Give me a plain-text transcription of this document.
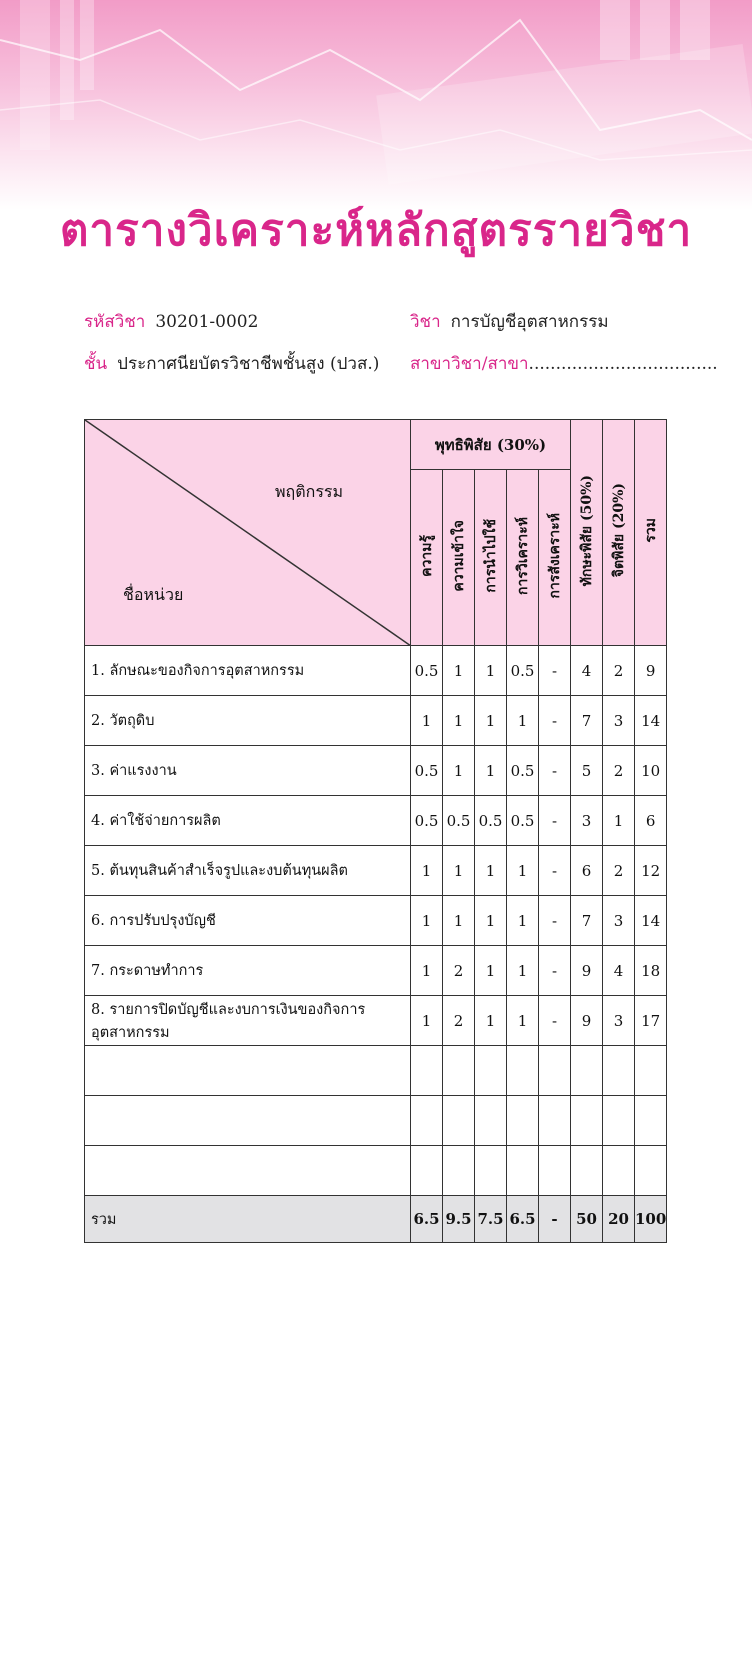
ตารางวิเคราะห์หลักสูตรรายวิชา
รหัสวิชา 30201-0002	วิชา การบัญชีอุตสาหกรรม
ชั้น ประกาศนียบัตรวิชาชีพชั้นสูง (ปวส.) สาขาวิชา/สาขา...................................
พฤติกรรม
ชื่อหน่วย	พุทธิพิสัย (30%)					ทักษะพิสัย (50%)	จิตพิสัย (20%)	รวม
	ความรู้	ความเข้าใจ	การนำไปใช้	การวิเคราะห์	การสังเคราะห์			
1. ลักษณะของกิจการอุตสาหกรรม	0.5	1	1	0.5	-	4	2	9
2. วัตถุดิบ	1	1	1	1	-	7	3	14
3. ค่าแรงงาน	0.5	1	1	0.5	-	5	2	10
4. ค่าใช้จ่ายการผลิต	0.5	0.5	0.5	0.5	-	3	1	6
5. ต้นทุนสินค้าสำเร็จรูปและงบต้นทุนผลิต	1	1	1	1	-	6	2	12
6. การปรับปรุงบัญชี	1	1	1	1	-	7	3	14
7. กระดาษทำการ	1	2	1	1	-	9	4	18
8. รายการปิดบัญชีและงบการเงินของกิจการอุตสาหกรรม	1	2	1	1	-	9	3	17

รวม	6.5	9.5	7.5	6.5	-	50	20	100
